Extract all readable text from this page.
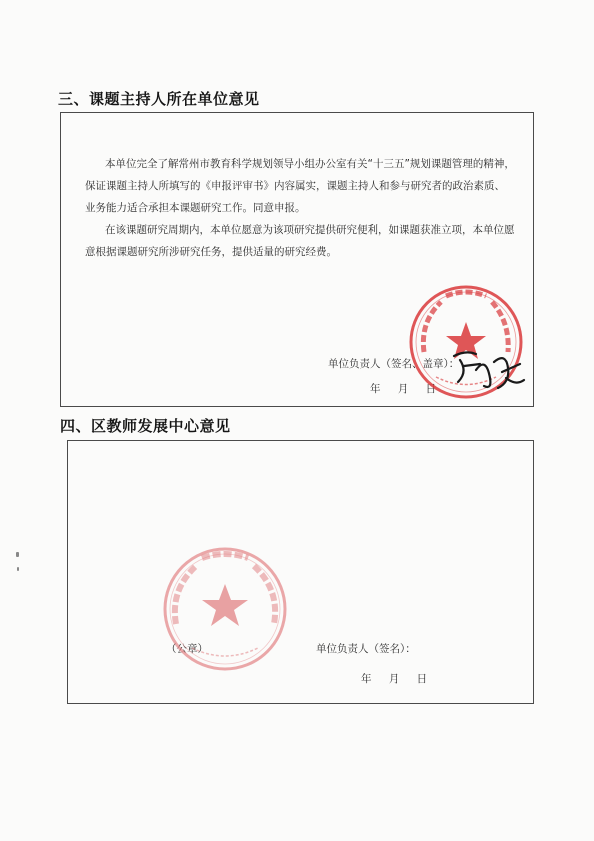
三、课题主持人所在单位意见

本单位完全了解常州市教育科学规划领导小组办公室有关“十三五”规划课题管理的精神，保证课题主持人所填写的《申报评审书》内容属实，课题主持人和参与研究者的政治素质、业务能力适合承担本课题研究工作。同意申报。

在该课题研究周期内，本单位愿意为该项研究提供研究便利，如课题获准立项，本单位愿意根据课题研究所涉研究任务，提供适量的研究经费。

单位负责人（签名、盖章）：
年 月 日
四、区教师发展中心意见
（公章）	单位负责人（签名）：
年 月 日
